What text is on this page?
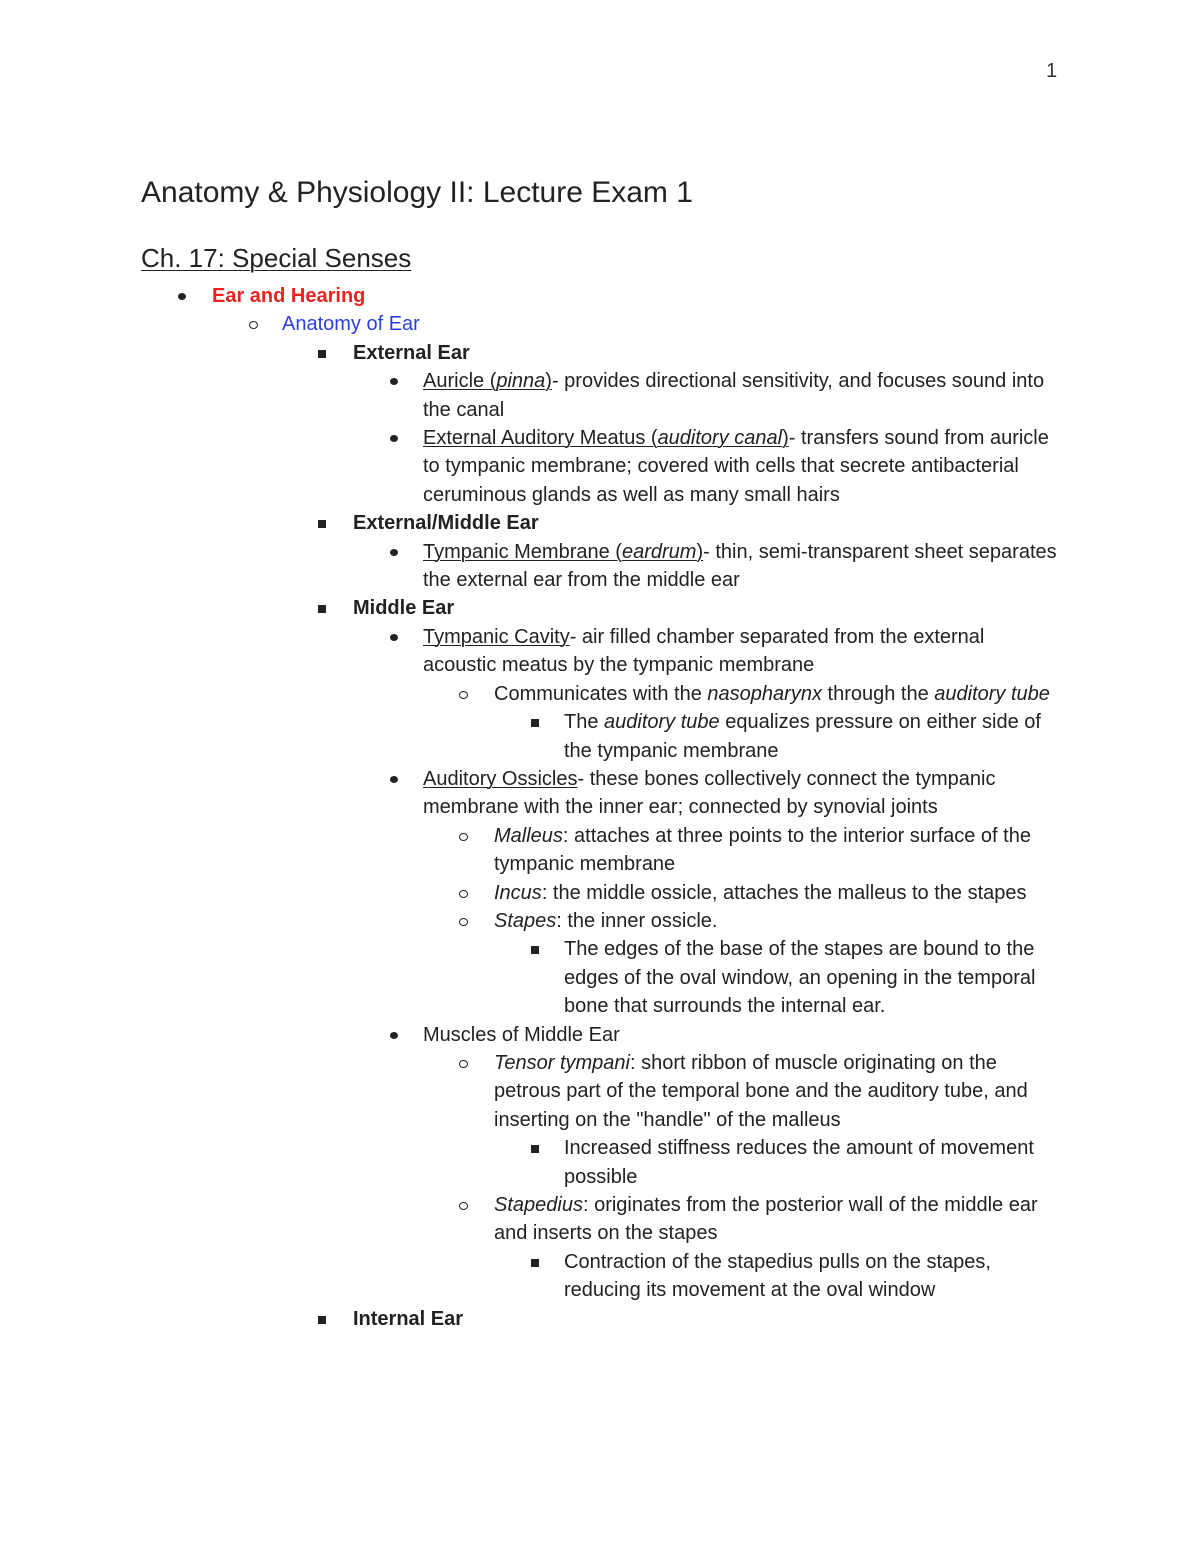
1
Anatomy & Physiology II: Lecture Exam 1
Ch. 17: Special Senses
Ear and Hearing
Anatomy of Ear
External Ear
Auricle (pinna)- provides directional sensitivity, and focuses sound into the canal
External Auditory Meatus (auditory canal)- transfers sound from auricle to tympanic membrane; covered with cells that secrete antibacterial ceruminous glands as well as many small hairs
External/Middle Ear
Tympanic Membrane (eardrum)- thin, semi-transparent sheet separates the external ear from the middle ear
Middle Ear
Tympanic Cavity- air filled chamber separated from the external acoustic meatus by the tympanic membrane
Communicates with the nasopharynx through the auditory tube
The auditory tube equalizes pressure on either side of the tympanic membrane
Auditory Ossicles- these bones collectively connect the tympanic membrane with the inner ear; connected by synovial joints
Malleus: attaches at three points to the interior surface of the tympanic membrane
Incus: the middle ossicle, attaches the malleus to the stapes
Stapes: the inner ossicle.
The edges of the base of the stapes are bound to the edges of the oval window, an opening in the temporal bone that surrounds the internal ear.
Muscles of Middle Ear
Tensor tympani: short ribbon of muscle originating on the petrous part of the temporal bone and the auditory tube, and inserting on the "handle" of the malleus
Increased stiffness reduces the amount of movement possible
Stapedius: originates from the posterior wall of the middle ear and inserts on the stapes
Contraction of the stapedius pulls on the stapes, reducing its movement at the oval window
Internal Ear
